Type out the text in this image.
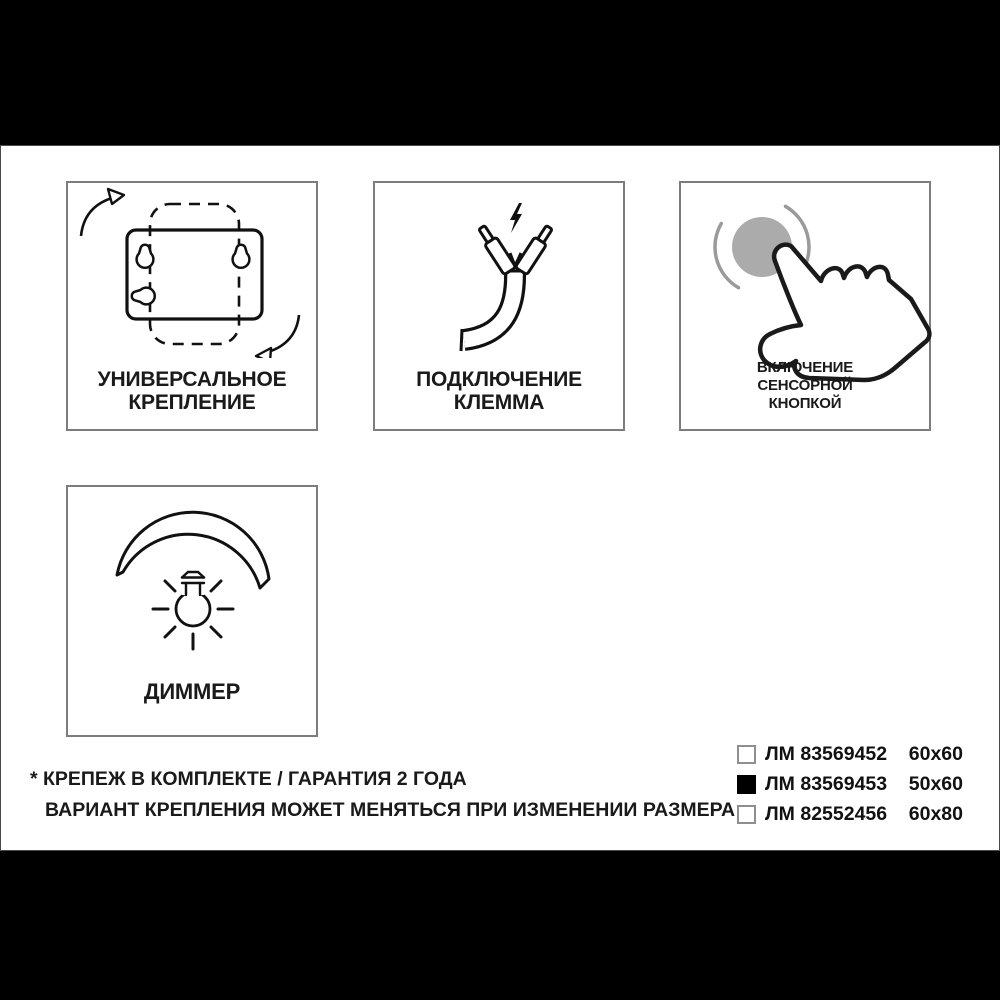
УНИВЕРСАЛЬНОЕ
КРЕПЛЕНИЕ
ПОДКЛЮЧЕНИЕ
КЛЕММА
ВКЛЮЧЕНИЕ
СЕНСОРНОЙ
КНОПКОЙ
ДИММЕР
* КРЕПЕЖ В КОМПЛЕКТЕ / ГАРАНТИЯ 2 ГОДА
ВАРИАНТ КРЕПЛЕНИЯ МОЖЕТ МЕНЯТЬСЯ ПРИ ИЗМЕНЕНИИ РАЗМЕРА
ЛМ 83569452 60x60
ЛМ 83569453 50x60
ЛМ 82552456 60x80
